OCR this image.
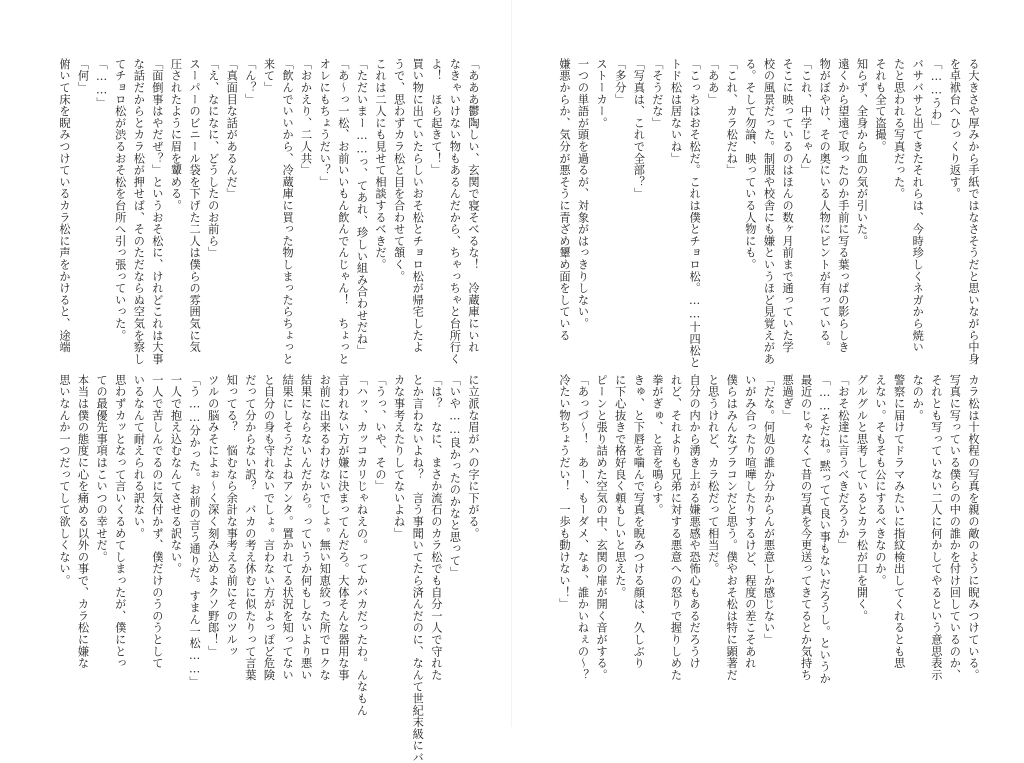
る大きさや厚みから手紙ではなさそうだと思いながら中身
を卓袱台へひっくり返す。
「……うわ」
バサバサと出てきたそれらは、今時珍しくネガから焼い
たと思われる写真だった。
それも全て盗撮。
知らず、全身から血の気が引いた。
遠くから望遠で取ったのか手前に写る葉っぱの影らしき
物がぼやけ、その奥にいる人物にピントが有っている。
「これ、中学じゃん」
そこに映っているのはほんの数ヶ月前まで通っていた学
校の風景だった。制服や校舎にも嫌というほど見覚えがあ
る。そして勿論、映っている人物にも。
「これ、カラ松だね」
「ああ」
「こっちはおそ松だ。これは僕とチョロ松。……十四松と
トド松は居ないね」
「そうだな」
「写真は、これで全部？」
「多分」
ストーカー。
一つの単語が頭を過るが、対象がはっきりしない。
嫌悪からか、気分が悪そうに青ざめ顰め面をしている
カラ松は十枚程の写真を親の敵のように睨みつけている。
写真に写っている僕らの中の誰かを付け回しているのか、
それとも写っていない二人に何かしてやるという意思表示
なのか。
警察に届けてドラマみたいに指紋検出してくれるとも思
えない。そもそも公にするべきなのか。
グルグルと思考しているとカラ松が口を開く。
「おそ松達に言うべきだろうか」
「……そだね。黙ってて良い事もないだろうし。というか
最近のじゃなくて昔の写真を今更送ってきてるとか気持ち
悪過ぎ」
「だな。何処の誰か分からんが悪意しか感じない」
いがみ合ったり喧嘩したりするけど、程度の差こそあれ
僕らはみんなブラコンだと思う。僕やおそ松は特に顕著だ
と思うけれど、カラ松だって相当だ。
自分の内から湧き上がる嫌悪感や恐怖心もあるだろうけ
れど、それよりも兄弟に対する悪意への怒りで握りしめた
拳がぎゅ、と音を鳴らす。
きゅ、と下唇を噛んで写真を睨みつける顔は、久しぶり
に下心抜きで格好良く頼もしいと思えた。
ピーンと張り詰めた空気の中、玄関の扉が開く音がする。
「あっづ〜！　あー、もーダメ、なぁ、誰かいねぇの〜？
冷たい物ちょうだい！　一歩も動けない！」
「あああ鬱陶しい、玄関で寝そべるな！　冷蔵庫にいれ
なきゃいけない物もあるんだから、ちゃっちゃと台所行く
よ！　ほら起きて！」
買い物に出ていたらしいおそ松とチョロ松が帰宅したよ
うで、思わずカラ松と目を合わせて頷く。
これは二人にも見せて相談するべきだ。
「ただいまー……っ、てあれ、珍しい組み合わせだね」
「あ〜っ一松、お前いいもん飲んでんじゃん！　ちょっと
オレにもちょうだい？」
「おかえり、二人共」
「飲んでいいから、冷蔵庫に買った物しまったらちょっと
来て」
「ん？」
「真面目な話があるんだ」
「え、なになに、どうしたのお前ら」
スーパーのビニール袋を下げた二人は僕らの雰囲気に気
圧されたように眉を顰める。
「面倒事はやだぜ？」というおそ松に、けれどこれは大事
な話だからとカラ松が押せば、そのただならぬ空気を察し
てチョロ松が渋るおそ松を台所へ引っ張っていった。
「……」
「何」
俯いて床を睨みつけているカラ松に声をかけると、途端
に立派な眉がハの字に下がる。
「いや……良かったのかなと思って」
「は？　なに、まさか流石のカラ松でも自分一人で守れた
とか言わないよね？　言う事聞いてたら済んだのに、なんて世紀末級にバ
カな事考えたりしてないよね」
「うっ、いや、その」
「ハッ、カッコカリじゃねえの。ってかバカだったわ。んなもん
言われない方が嫌に決まってんだろ。大体そんな器用な事
お前に出来るわけないでしょ。無い知恵絞った所でロクな
結果にならないんだから。っていうか何もしないより悪い
結果にしそうだよねアンタ。置かれてる状況を知ってない
と自分の身も守れないでしょ。言わない方がよっぽど危険
だって分からない訳？　バカの考え休むに似たりって言葉
知ってる？　悩むなら余計な事考える前にそのツルッ
ツルの脳みそによぉ〜く深く刻み込めよクソ野郎！」
「う……分かった。お前の言う通りだ。すまん一松……」
一人で抱え込むなんてさせる訳ない。
一人で苦しんでるのに気付かず、僕だけのうのうとして
いるなんて耐えられる訳ない。
思わずカッとなって言いくるめてしまったが、僕にとっ
ての最優先事項はこいつの幸せだ。
本当は僕の態度に心を痛める以外の事で、カラ松に嫌な
思いなんか一つだってして欲しくない。
